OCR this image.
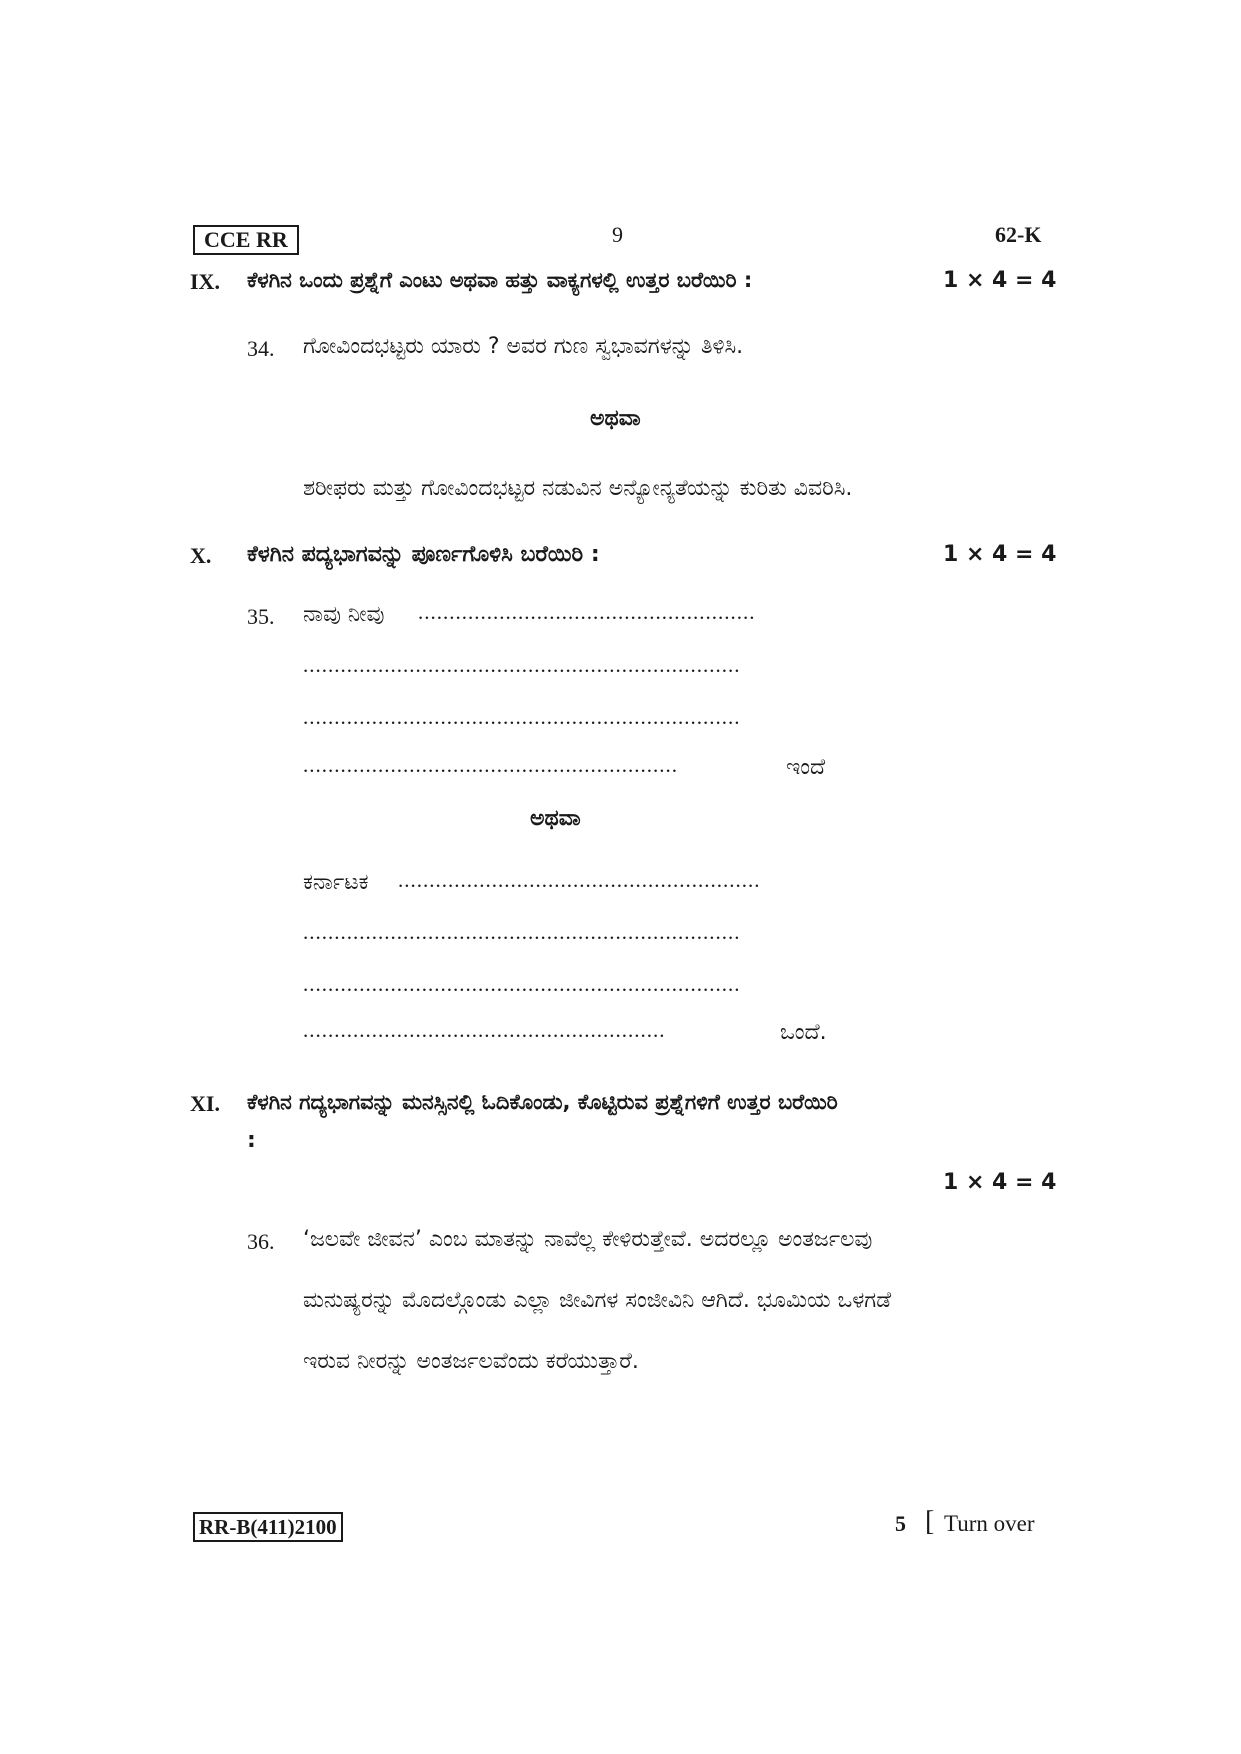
CCE RR	9	62-K
IX. ಕೆಳಗಿನ ಒಂದು ಪ್ರಶ್ನೆಗೆ ಎಂಟು ಅಥವಾ ಹತ್ತು ವಾಕ್ಯಗಳಲ್ಲಿ ಉತ್ತರ ಬರೆಯಿರಿ :	1 × 4 = 4
34. ಗೋವಿಂದಭಟ್ಟರು ಯಾರು ? ಅವರ ಗುಣ ಸ್ವಭಾವಗಳನ್ನು ತಿಳಿಸಿ.
ಅಥವಾ
ಶರೀಫರು ಮತ್ತು ಗೋವಿಂದಭಟ್ಟರ ನಡುವಿನ ಅನ್ಯೋನ್ಯತೆಯನ್ನು ಕುರಿತು ವಿವರಿಸಿ.
X. ಕೆಳಗಿನ ಪದ್ಯಭಾಗವನ್ನು ಪೂರ್ಣಗೊಳಿಸಿ ಬರೆಯಿರಿ :	1 × 4 = 4
35. ನಾವು ನೀವು ......................................................
......................................................................
......................................................................
............................................................	ಇಂದೆ
ಅಥವಾ
ಕರ್ನಾಟಕ ..........................................................
......................................................................
......................................................................
..........................................................	ಒಂದೆ.
XI. ಕೆಳಗಿನ ಗದ್ಯಭಾಗವನ್ನು ಮನಸ್ಸಿನಲ್ಲಿ ಓದಿಕೊಂಡು, ಕೊಟ್ಟಿರುವ ಪ್ರಶ್ನೆಗಳಿಗೆ ಉತ್ತರ ಬರೆಯಿರಿ
:
1 × 4 = 4
36. ‘ಜಲವೇ ಜೀವನ’ ಎಂಬ ಮಾತನ್ನು ನಾವೆಲ್ಲ ಕೇಳಿರುತ್ತೇವೆ. ಅದರಲ್ಲೂ ಅಂತರ್ಜಲವು
ಮನುಷ್ಯರನ್ನು ಮೊದಲ್ಗೊಂಡು ಎಲ್ಲಾ ಜೀವಿಗಳ ಸಂಜೀವಿನಿ ಆಗಿದೆ. ಭೂಮಿಯ ಒಳಗಡೆ
ಇರುವ ನೀರನ್ನು ಅಂತರ್ಜಲವೆಂದು ಕರೆಯುತ್ತಾರೆ.
RR-B(411)2100	5 [ Turn over
